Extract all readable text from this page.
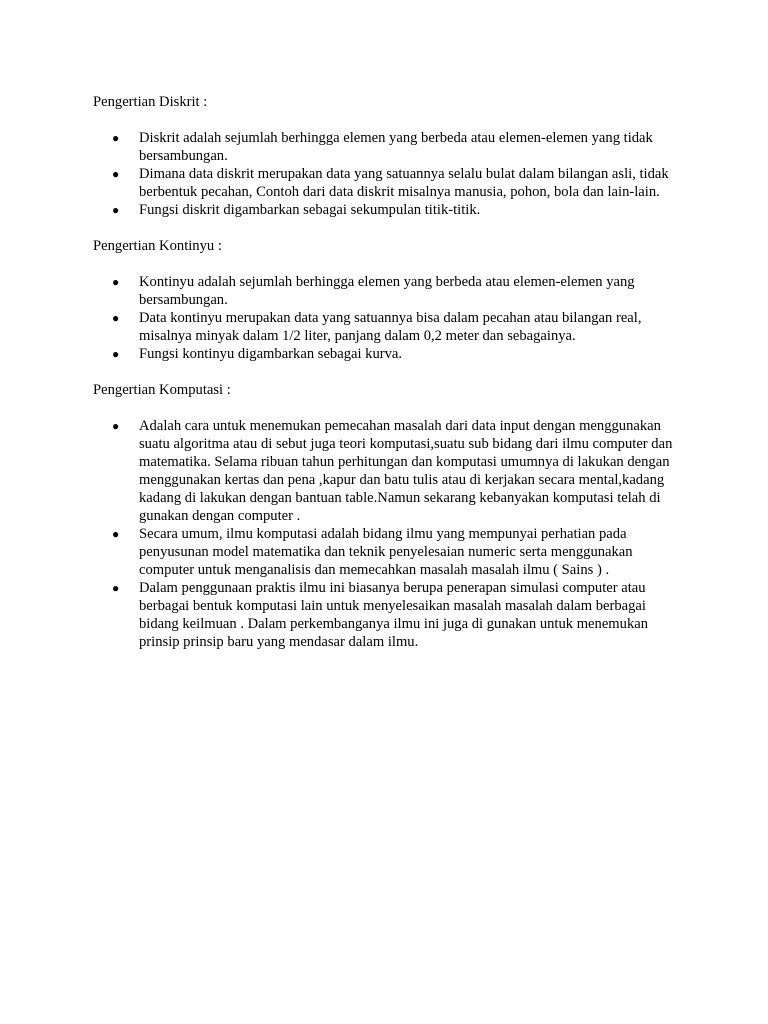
Pengertian Diskrit :

● Diskrit adalah sejumlah berhingga elemen yang berbeda atau elemen-elemen yang tidak bersambungan.
● Dimana data diskrit merupakan data yang satuannya selalu bulat dalam bilangan asli, tidak berbentuk pecahan, Contoh dari data diskrit misalnya manusia, pohon, bola dan lain-lain.
● Fungsi diskrit digambarkan sebagai sekumpulan titik-titik.

Pengertian Kontinyu :

● Kontinyu adalah sejumlah berhingga elemen yang berbeda atau elemen-elemen yang bersambungan.
● Data kontinyu merupakan data yang satuannya bisa dalam pecahan atau bilangan real, misalnya minyak dalam 1/2 liter, panjang dalam 0,2 meter dan sebagainya.
● Fungsi kontinyu digambarkan sebagai kurva.

Pengertian Komputasi :

● Adalah cara untuk menemukan pemecahan masalah dari data input dengan menggunakan suatu algoritma atau di sebut juga teori komputasi,suatu sub bidang dari ilmu computer dan matematika. Selama ribuan tahun perhitungan dan komputasi umumnya di lakukan dengan menggunakan kertas dan pena ,kapur dan batu tulis atau di kerjakan secara mental,kadang kadang di lakukan dengan bantuan table.Namun sekarang kebanyakan komputasi telah di gunakan dengan computer .
● Secara umum, ilmu komputasi adalah bidang ilmu yang mempunyai perhatian pada penyusunan model matematika dan teknik penyelesaian numeric serta menggunakan computer untuk menganalisis dan memecahkan masalah masalah ilmu ( Sains ) .
● Dalam penggunaan praktis ilmu ini biasanya berupa penerapan simulasi computer atau berbagai bentuk komputasi lain untuk menyelesaikan masalah masalah dalam berbagai bidang keilmuan . Dalam perkembanganya ilmu ini juga di gunakan untuk menemukan prinsip prinsip baru yang mendasar dalam ilmu.
